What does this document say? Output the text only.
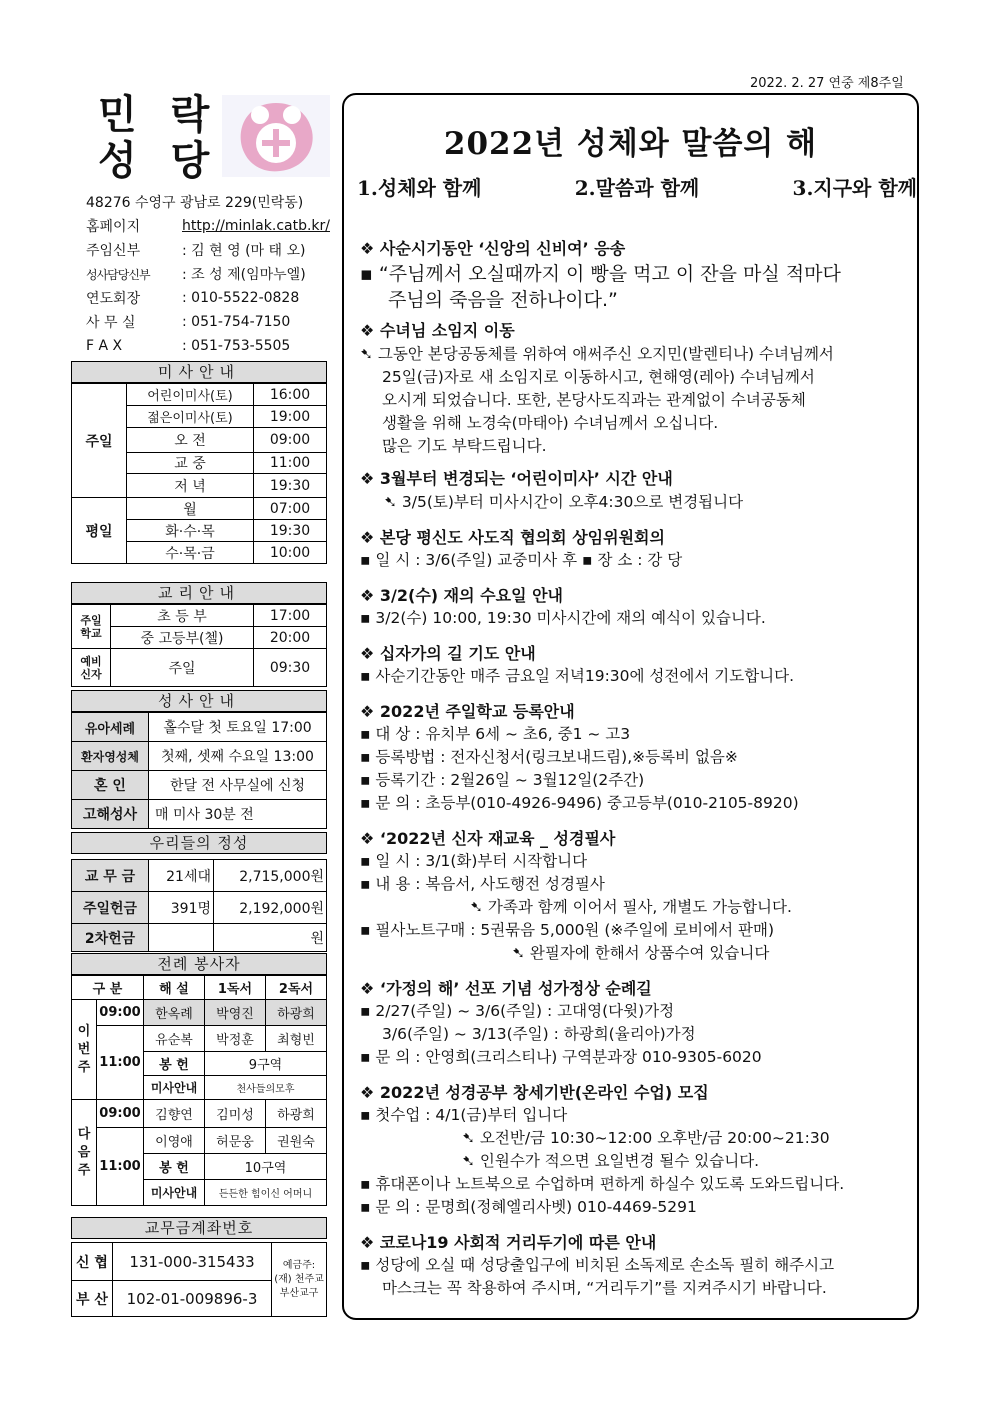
2022. 2. 27 연중 제8주일
민 락
성 당
48276 수영구 광남로 229(민락동)
홈페이지	http://minlak.catb.kr/
주임신부	: 김 현 영 (마 태 오)
성사담당신부	: 조 성 제(임마누엘)
연도회장	: 010-5522-0828
사 무 실	: 051-754-7150
F A X	: 051-753-5505
미사안내
주일	어린이미사(토)	16:00
	젊은이미사(토)	19:00
	오 전	09:00
	교 중	11:00
	저 녁	19:30
평일	월	07:00
	화·수·목	19:30
	수·목·금	10:00
교리안내
주일 학교	초 등 부	17:00
	중 고등부(첼)	20:00
예비 신자	주일	09:30
성사안내
유아세례	홀수달 첫 토요일 17:00
환자영성체	첫째, 셋째 수요일 13:00
혼 인	한달 전 사무실에 신청
고해성사	매 미사 30분 전
우리들의 정성
교 무 금	21세대	2,715,000원
주일헌금	391명	2,192,000원
2차헌금		원
전례 봉사자
구 분		해 설	1독서	2독서
이번주	09:00	한옥례	박영진	하광희
	11:00	유순복	박정훈	최형빈
		봉 헌	9구역	
		미사안내	천사들의모후	
다음주	09:00	김향연	김미성	하광희
	11:00	이영애	허문웅	권원숙
		봉 헌	10구역	
		미사안내	든든한 힘이신 어머니	
교무금계좌번호
신 협	131-000-315433	예금주: (재) 천주교 부산교구
부 산	102-01-009896-3	
2022년 성체와 말씀의 해
1.성체와 함께	2.말씀과 함께	3.지구와 함께
❖ 사순시기동안 ‘신앙의 신비여’ 응송
▪ “주님께서 오실때까지 이 빵을 먹고 이 잔을 마실 적마다
주님의 죽음을 전하나이다.”
❖ 수녀님 소임지 이동
➷ 그동안 본당공동체를 위하여 애써주신 오지민(발렌티나) 수녀님께서
25일(금)자로 새 소임지로 이동하시고, 현해영(레아) 수녀님께서
오시게 되었습니다. 또한, 본당사도직과는 관계없이 수녀공동체
생활을 위해 노경숙(마태아) 수녀님께서 오십니다.
많은 기도 부탁드립니다.
❖ 3월부터 변경되는 ‘어린이미사’ 시간 안내
➷ 3/5(토)부터 미사시간이 오후4:30으로 변경됩니다
❖ 본당 평신도 사도직 협의회 상임위원회의
▪ 일 시 : 3/6(주일) 교중미사 후 ▪ 장 소 : 강 당
❖ 3/2(수) 재의 수요일 안내
▪ 3/2(수) 10:00, 19:30 미사시간에 재의 예식이 있습니다.
❖ 십자가의 길 기도 안내
▪ 사순기간동안 매주 금요일 저녁19:30에 성전에서 기도합니다.
❖ 2022년 주일학교 등록안내
▪ 대 상 : 유치부 6세 ~ 초6, 중1 ~ 고3
▪ 등록방법 : 전자신청서(링크보내드림),※등록비 없음※
▪ 등록기간 : 2월26일 ~ 3월12일(2주간)
▪ 문 의 : 초등부(010-4926-9496) 중고등부(010-2105-8920)
❖ ‘2022년 신자 재교육 _ 성경필사
▪ 일 시 : 3/1(화)부터 시작합니다
▪ 내 용 : 복음서, 사도행전 성경필사
➷ 가족과 함께 이어서 필사, 개별도 가능합니다.
▪ 필사노트구매 : 5권묶음 5,000원 (※주일에 로비에서 판매)
➷ 완필자에 한해서 상품수여 있습니다
❖ ‘가정의 해’ 선포 기념 성가정상 순례길
▪ 2/27(주일) ~ 3/6(주일) : 고대영(다윗)가정
3/6(주일) ~ 3/13(주일) : 하광희(율리아)가정
▪ 문 의 : 안영희(크리스티나) 구역분과장 010-9305-6020
❖ 2022년 성경공부 창세기반(온라인 수업) 모집
▪ 첫수업 : 4/1(금)부터 입니다
➷ 오전반/금 10:30~12:00 오후반/금 20:00~21:30
➷ 인원수가 적으면 요일변경 될수 있습니다.
▪ 휴대폰이나 노트북으로 수업하며 편하게 하실수 있도록 도와드립니다.
▪ 문 의 : 문명희(정혜엘리사벳) 010-4469-5291
❖ 코로나19 사회적 거리두기에 따른 안내
▪ 성당에 오실 때 성당출입구에 비치된 소독제로 손소독 필히 해주시고
마스크는 꼭 착용하여 주시며, “거리두기”를 지켜주시기 바랍니다.
